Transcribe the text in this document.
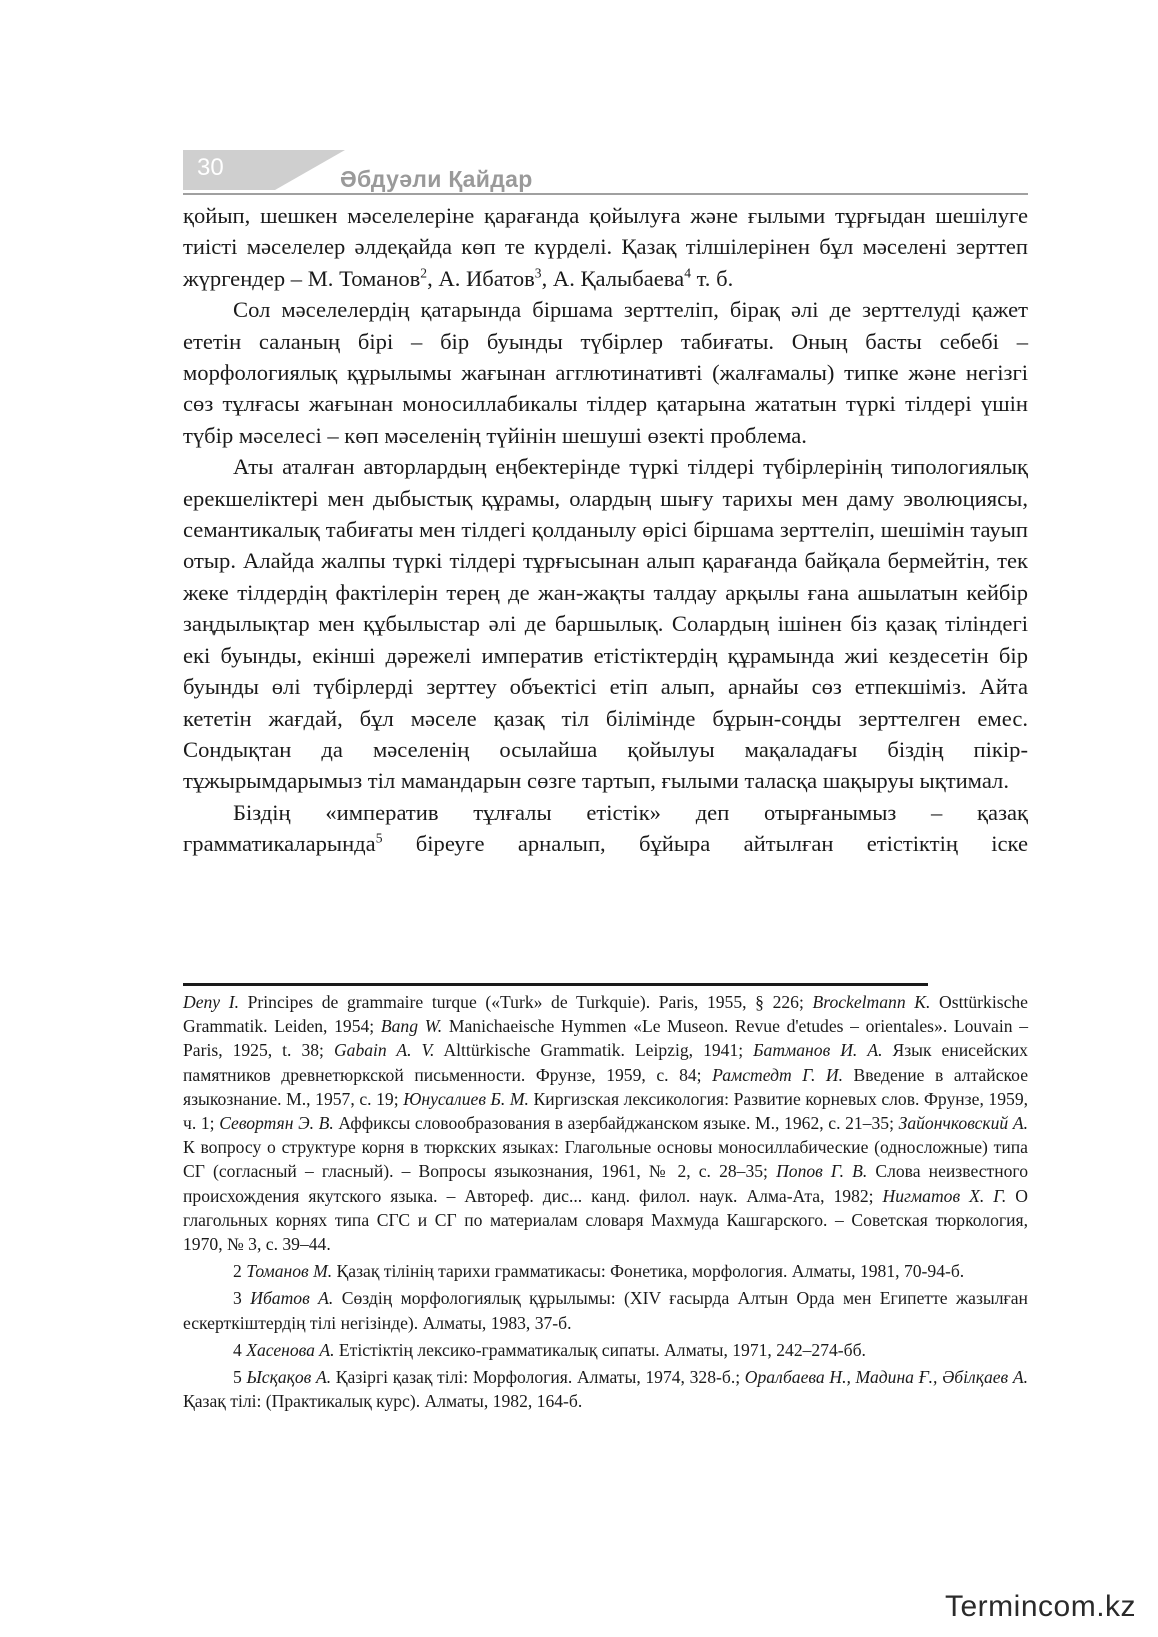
30	Әбдуәли Қайдар

қойып, шешкен мәселелеріне қарағанда қойылуға және ғылыми тұрғыдан шешілуге тиісті мәселелер әлдеқайда көп те күрделі. Қазақ тілшілерінен бұл мәселені зерттеп жүргендер – М. Томанов$^2$, А. Ибатов$^3$, А. Қалыбаева$^4$ т. б.

Сол мәселелердің қатарында біршама зерттеліп, бірақ әлі де зерттелуді қажет ететін саланың бірі – бір буынды түбірлер табиғаты. Оның басты себебі – морфологиялық құрылымы жағынан агглютинативті (жалғамалы) типке және негізгі сөз тұлғасы жағынан моносиллабикалы тілдер қатарына жататын түркі тілдері үшін түбір мәселесі – көп мәселенің түйінін шешуші өзекті проблема.

Аты аталған авторлардың еңбектерінде түркі тілдері түбірлерінің типологиялық ерекшеліктері мен дыбыстық құрамы, олардың шығу тарихы мен даму эволюциясы, семантикалық табиғаты мен тілдегі қолданылу өрісі біршама зерттеліп, шешімін тауып отыр. Алайда жалпы түркі тілдері тұрғысынан алып қарағанда байқала бермейтін, тек жеке тілдердің фактілерін терең де жан-жақты талдау арқылы ғана ашылатын кейбір заңдылықтар мен құбылыстар әлі де баршылық. Солардың ішінен біз қазақ тіліндегі екі буынды, екінші дәрежелі императив етістіктердің құрамында жиі кездесетін бір буынды өлі түбірлерді зерттеу объектісі етіп алып, арнайы сөз етпекшіміз. Айта кететін жағдай, бұл мәселе қазақ тіл білімінде бұрын-соңды зерттелген емес. Сондықтан да мәселенің осылайша қойылуы мақаладағы біздің пікір-тұжырымдарымыз тіл мамандарын сөзге тартып, ғылыми таласқа шақыруы ықтимал.

Біздің «императив тұлғалы етістік» деп отырғанымыз – қазақ грамматикаларында$^5$ біреуге арналып, бұйыра айтылған етістіктің іске

Deny I. Principes de grammaire turque («Turk» de Turkquie). Paris, 1955, § 226; Brockelmann K. Osttürkische Grammatik. Leiden, 1954; Bang W. Manichaeische Hymmen «Le Museon. Revue d'etudes – orientales». Louvain – Paris, 1925, t. 38; Gabain A. V. Alttürkische Grammatik. Leipzig, 1941; Батманов И. А. Язык енисейских памятников древнетюркской письменности. Фрунзе, 1959, с. 84; Рамстедт Г. И. Введение в алтайское языкознание. М., 1957, с. 19; Юнусалиев Б. М. Киргизская лексикология: Развитие корневых слов. Фрунзе, 1959, ч. 1; Севортян Э. В. Аффиксы словообразования в азербайджанском языке. М., 1962, с. 21–35; Зайончковский А. К вопросу о структуре корня в тюркских языках: Глагольные основы моносиллабические (односложные) типа СГ (согласный – гласный). – Вопросы языкознания, 1961, № 2, с. 28–35; Попов Г. В. Слова неизвестного происхождения якутского языка. – Автореф. дис... канд. филол. наук. Алма-Ата, 1982; Нигматов Х. Г. О глагольных корнях типа СГС и СГ по материалам словаря Махмуда Кашгарского. – Советская тюркология, 1970, № 3, с. 39–44.

2 Томанов М. Қазақ тілінің тарихи грамматикасы: Фонетика, морфология. Алматы, 1981, 70-94-б.

3 Ибатов А. Сөздің морфологиялық құрылымы: (XIV ғасырда Алтын Орда мен Египетте жазылған ескерткіштердің тілі негізінде). Алматы, 1983, 37-б.

4 Хасенова А. Етістіктің лексико-грамматикалық сипаты. Алматы, 1971, 242–274-бб.

5 Ысқақов А. Қазіргі қазақ тілі: Морфология. Алматы, 1974, 328-б.; Оралбаева Н., Мадина Ғ., Әбілқаев А. Қазақ тілі: (Практикалық курс). Алматы, 1982, 164-б.

Termincom.kz
